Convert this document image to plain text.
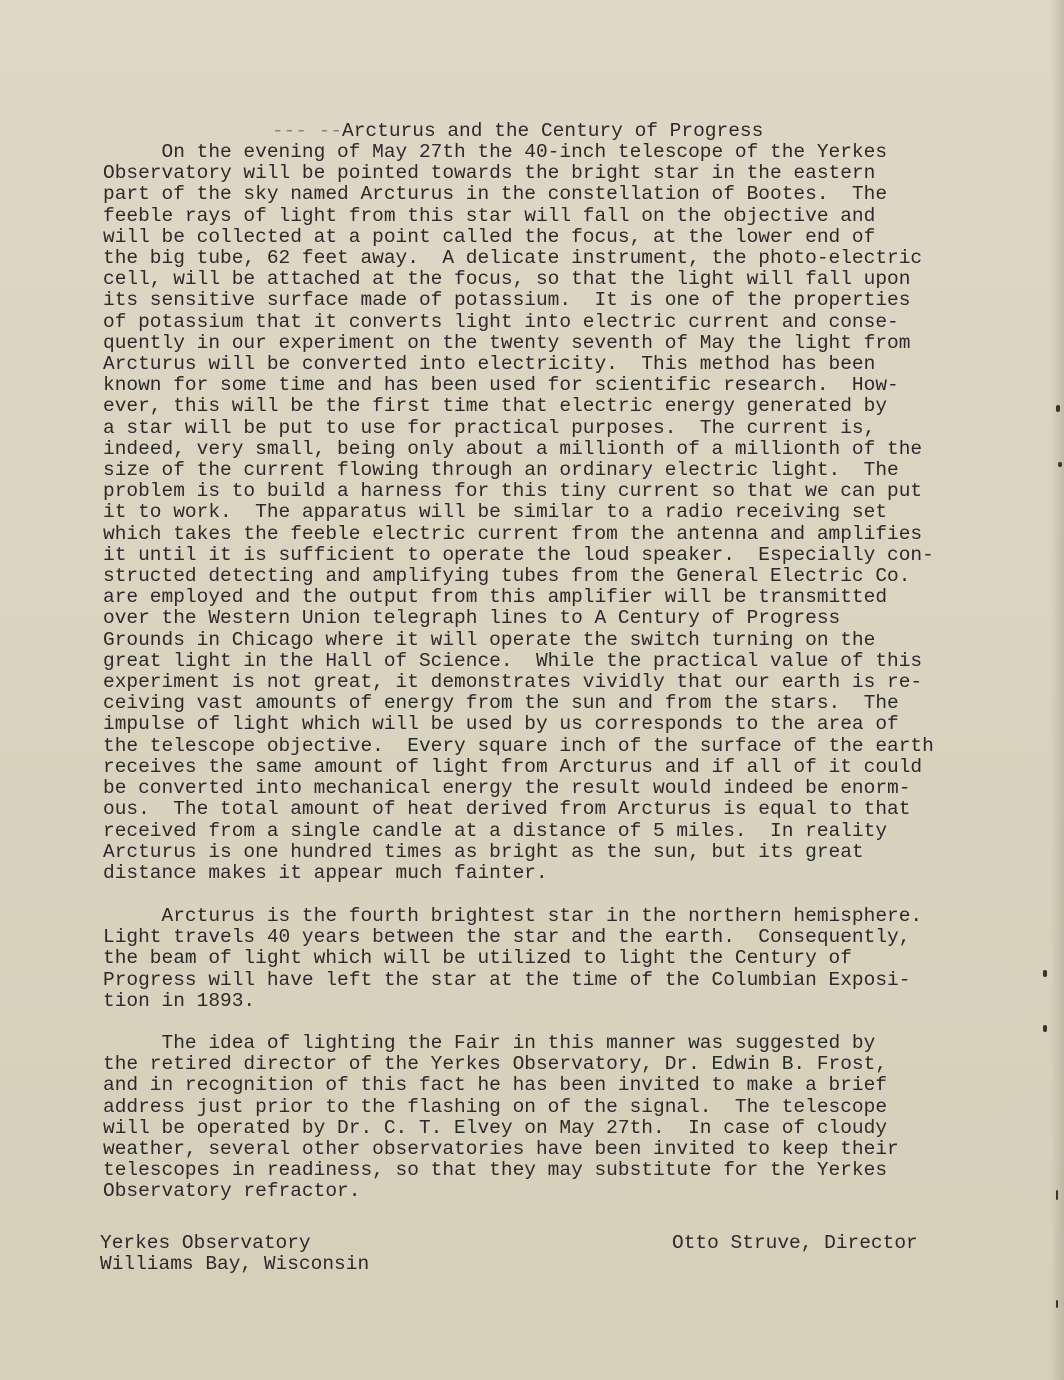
--- --Arcturus and the Century of Progress

On the evening of May 27th the 40-inch telescope of the Yerkes
Observatory will be pointed towards the bright star in the eastern
part of the sky named Arcturus in the constellation of Bootes.  The
feeble rays of light from this star will fall on the objective and
will be collected at a point called the focus, at the lower end of
the big tube, 62 feet away.  A delicate instrument, the photo-electric
cell, will be attached at the focus, so that the light will fall upon
its sensitive surface made of potassium.  It is one of the properties
of potassium that it converts light into electric current and conse-
quently in our experiment on the twenty seventh of May the light from
Arcturus will be converted into electricity.  This method has been
known for some time and has been used for scientific research.  How-
ever, this will be the first time that electric energy generated by
a star will be put to use for practical purposes.  The current is,
indeed, very small, being only about a millionth of a millionth of the
size of the current flowing through an ordinary electric light.  The
problem is to build a harness for this tiny current so that we can put
it to work.  The apparatus will be similar to a radio receiving set
which takes the feeble electric current from the antenna and amplifies
it until it is sufficient to operate the loud speaker.  Especially con-
structed detecting and amplifying tubes from the General Electric Co.
are employed and the output from this amplifier will be transmitted
over the Western Union telegraph lines to A Century of Progress
Grounds in Chicago where it will operate the switch turning on the
great light in the Hall of Science.  While the practical value of this
experiment is not great, it demonstrates vividly that our earth is re-
ceiving vast amounts of energy from the sun and from the stars.  The
impulse of light which will be used by us corresponds to the area of
the telescope objective.  Every square inch of the surface of the earth
receives the same amount of light from Arcturus and if all of it could
be converted into mechanical energy the result would indeed be enorm-
ous.  The total amount of heat derived from Arcturus is equal to that
received from a single candle at a distance of 5 miles.  In reality
Arcturus is one hundred times as bright as the sun, but its great
distance makes it appear much fainter.
Arcturus is the fourth brightest star in the northern hemisphere.
Light travels 40 years between the star and the earth.  Consequently,
the beam of light which will be utilized to light the Century of
Progress will have left the star at the time of the Columbian Exposi-
tion in 1893.
The idea of lighting the Fair in this manner was suggested by
the retired director of the Yerkes Observatory, Dr. Edwin B. Frost,
and in recognition of this fact he has been invited to make a brief
address just prior to the flashing on of the signal.  The telescope
will be operated by Dr. C. T. Elvey on May 27th.  In case of cloudy
weather, several other observatories have been invited to keep their
telescopes in readiness, so that they may substitute for the Yerkes
Observatory refractor.
Yerkes Observatory
Williams Bay, Wisconsin
Otto Struve, Director
